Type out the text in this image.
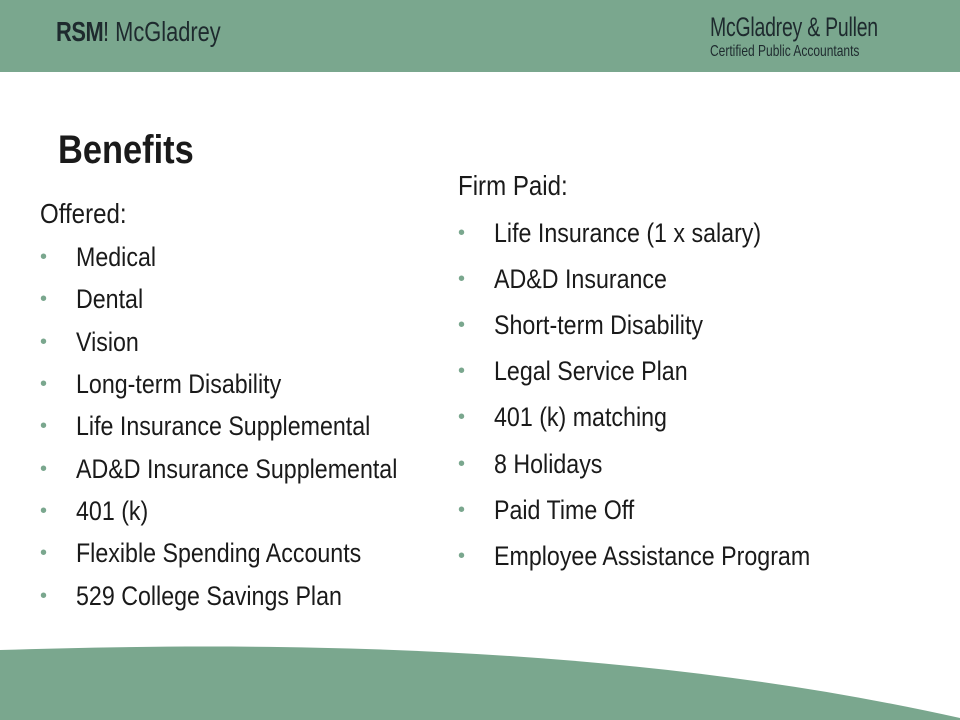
RSM ! McGladrey	McGladrey & Pullen
Certified Public Accountants
Benefits
Offered:
•	Medical
•	Dental
•	Vision
•	Long-term Disability
•	Life Insurance Supplemental
•	AD&D Insurance Supplemental
•	401 (k)
•	Flexible Spending Accounts
•	529 College Savings Plan
Firm Paid:
•	Life Insurance (1 x salary)
•	AD&D Insurance
•	Short-term Disability
•	Legal Service Plan
•	401 (k) matching
•	8 Holidays
•	Paid Time Off
•	Employee Assistance Program
